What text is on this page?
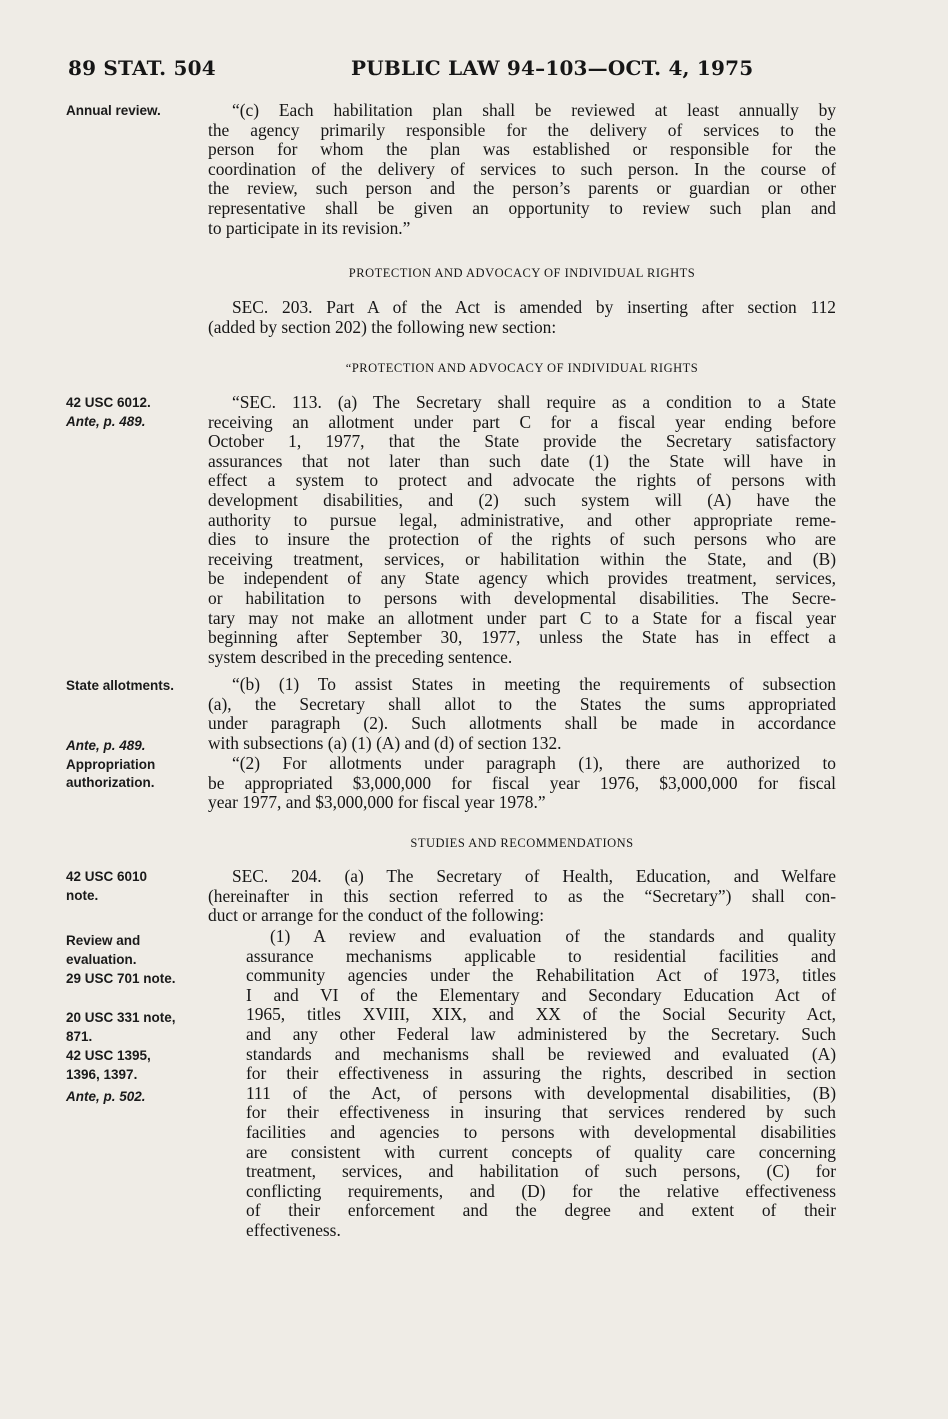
89 STAT. 504	PUBLIC LAW 94–103—OCT. 4, 1975
Annual review.
42 USC 6012.
Ante, p. 489.
State allotments.
Ante, p. 489.
Appropriation
authorization.
42 USC 6010
note.
Review and
evaluation.
29 USC 701 note.
20 USC 331 note,
871.
42 USC 1395,
1396, 1397.
Ante, p. 502.
“(c) Each habilitation plan shall be reviewed at least annually by
the agency primarily responsible for the delivery of services to the
person for whom the plan was established or responsible for the
coordination of the delivery of services to such person. In the course of
the review, such person and the person’s parents or guardian or other
representative shall be given an opportunity to review such plan and
to participate in its revision.”
PROTECTION AND ADVOCACY OF INDIVIDUAL RIGHTS
SEC. 203. Part A of the Act is amended by inserting after section 112
(added by section 202) the following new section:
“PROTECTION AND ADVOCACY OF INDIVIDUAL RIGHTS
“SEC. 113. (a) The Secretary shall require as a condition to a State
receiving an allotment under part C for a fiscal year ending before
October 1, 1977, that the State provide the Secretary satisfactory
assurances that not later than such date (1) the State will have in
effect a system to protect and advocate the rights of persons with
development disabilities, and (2) such system will (A) have the
authority to pursue legal, administrative, and other appropriate reme-
dies to insure the protection of the rights of such persons who are
receiving treatment, services, or habilitation within the State, and (B)
be independent of any State agency which provides treatment, services,
or habilitation to persons with developmental disabilities. The Secre-
tary may not make an allotment under part C to a State for a fiscal year
beginning after September 30, 1977, unless the State has in effect a
system described in the preceding sentence.
“(b) (1) To assist States in meeting the requirements of subsection
(a), the Secretary shall allot to the States the sums appropriated
under paragraph (2). Such allotments shall be made in accordance
with subsections (a) (1) (A) and (d) of section 132.
“(2) For allotments under paragraph (1), there are authorized to
be appropriated $3,000,000 for fiscal year 1976, $3,000,000 for fiscal
year 1977, and $3,000,000 for fiscal year 1978.”
STUDIES AND RECOMMENDATIONS
SEC. 204. (a) The Secretary of Health, Education, and Welfare
(hereinafter in this section referred to as the “Secretary”) shall con-
duct or arrange for the conduct of the following:
(1) A review and evaluation of the standards and quality
assurance mechanisms applicable to residential facilities and
community agencies under the Rehabilitation Act of 1973, titles
I and VI of the Elementary and Secondary Education Act of
1965, titles XVIII, XIX, and XX of the Social Security Act,
and any other Federal law administered by the Secretary. Such
standards and mechanisms shall be reviewed and evaluated (A)
for their effectiveness in assuring the rights, described in section
111 of the Act, of persons with developmental disabilities, (B)
for their effectiveness in insuring that services rendered by such
facilities and agencies to persons with developmental disabilities
are consistent with current concepts of quality care concerning
treatment, services, and habilitation of such persons, (C) for
conflicting requirements, and (D) for the relative effectiveness
of their enforcement and the degree and extent of their
effectiveness.
